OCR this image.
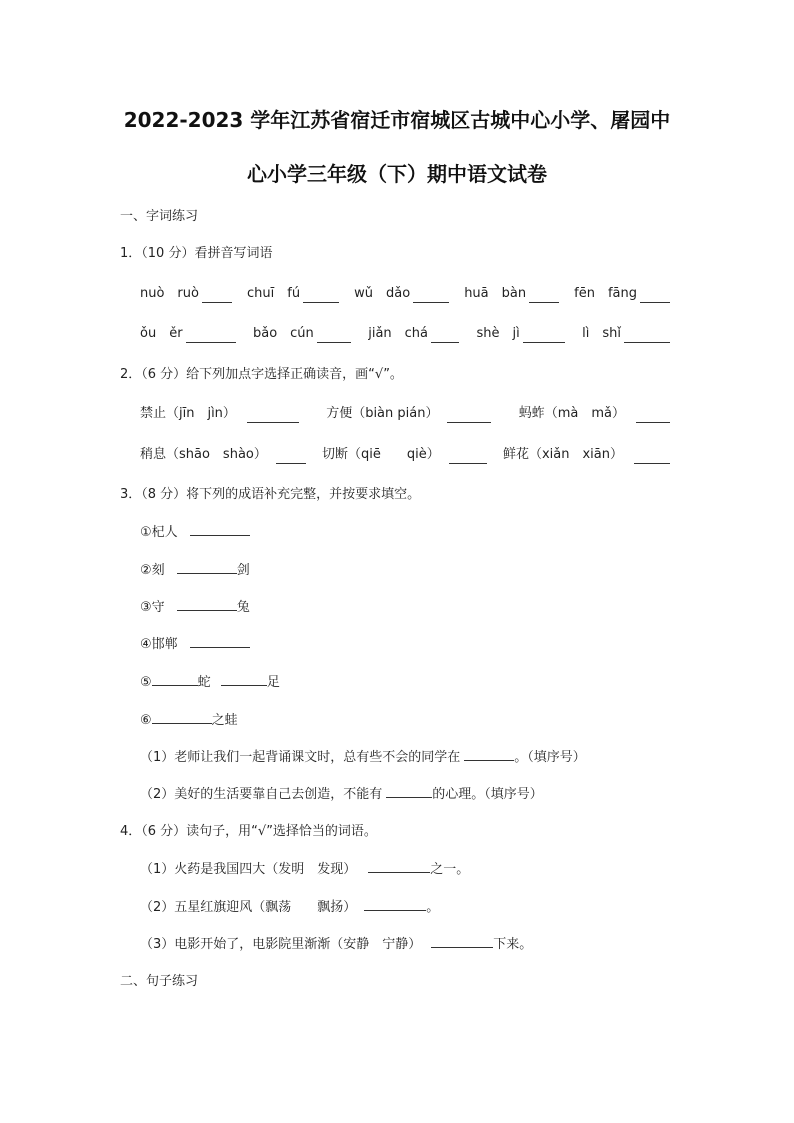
2022-2023 学年江苏省宿迁市宿城区古城中心小学、屠园中
心小学三年级（下）期中语文试卷
一、字词练习
1．（10 分）看拼音写词语
nuò　ruò	chuī　fú	wǔ　dǎo	huā　bàn	fēn　fāng
ǒu　ěr	bǎo　cún	jiǎn　chá	shè　jì	lì　shǐ
2．（6 分）给下列加点字选择正确读音，画“√”。
禁止（jīn　jìn）	方便（biàn pián）	蚂蚱（mà　mǎ）
稍息（shāo　shào）	切断（qiē　　qiè）	鲜花（xiǎn　xiān）
3．（8 分）将下列的成语补充完整，并按要求填空。
①杞人
②刻	剑
③守	兔
④邯郸
⑤	蛇	足
⑥	之蛙
（1）老师让我们一起背诵课文时，总有些不会的同学在	。（填序号）
（2）美好的生活要靠自己去创造，不能有	的心理。（填序号）
4．（6 分）读句子，用“√”选择恰当的词语。
（1）火药是我国四大（发明　发现）	之一。
（2）五星红旗迎风（飘荡　　飘扬）	。
（3）电影开始了，电影院里渐渐（安静　宁静）	下来。
二、句子练习
